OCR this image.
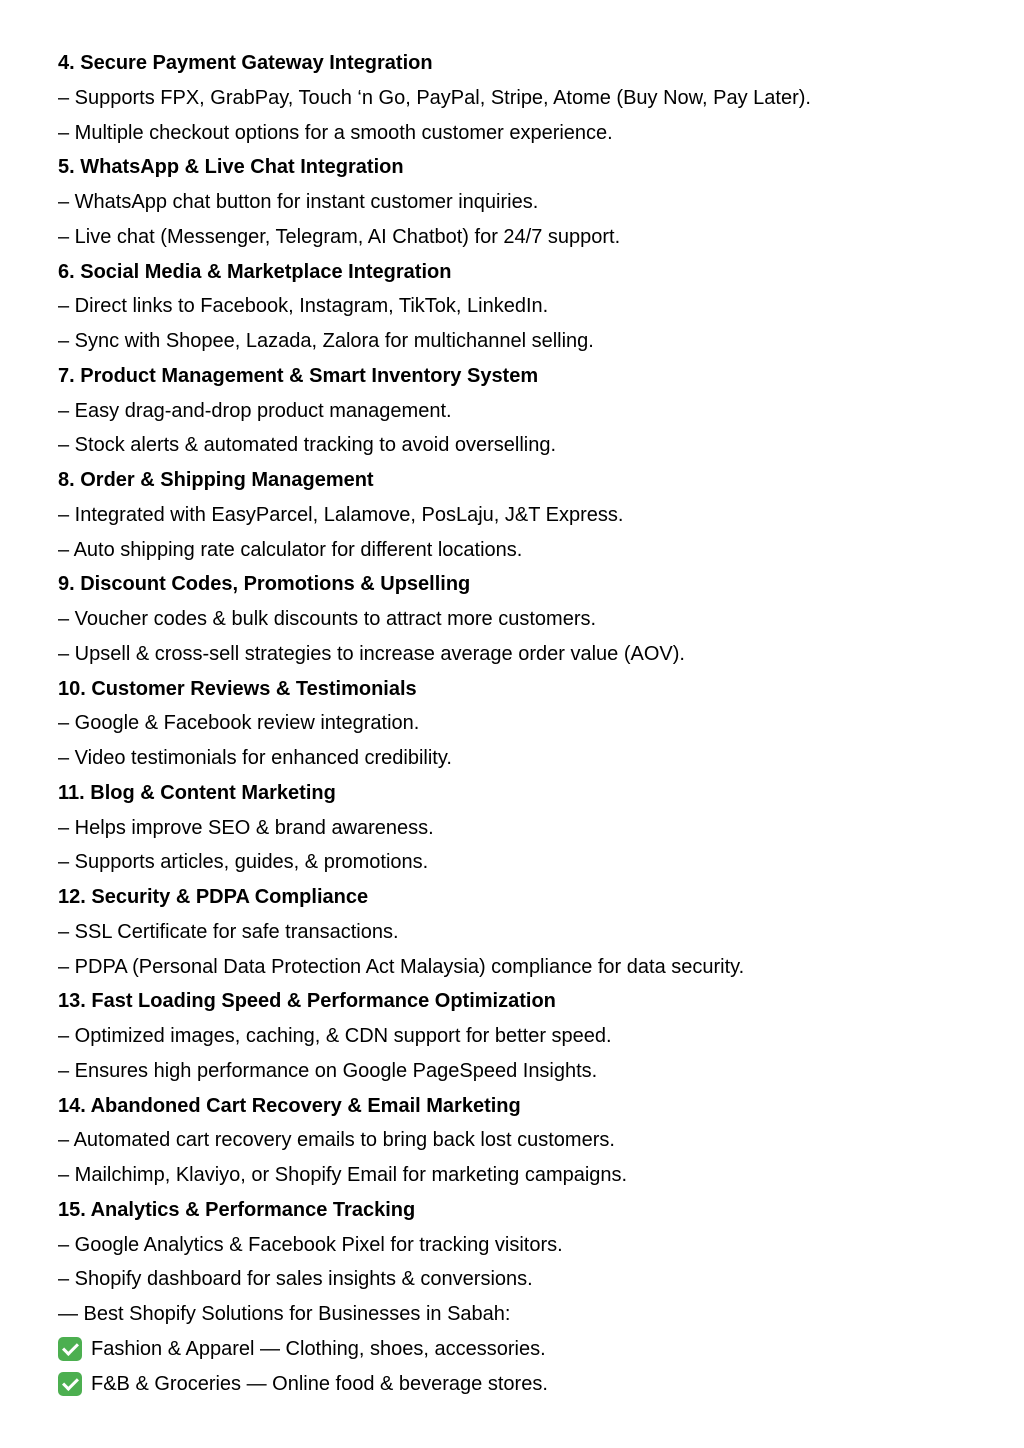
4. Secure Payment Gateway Integration
– Supports FPX, GrabPay, Touch ‘n Go, PayPal, Stripe, Atome (Buy Now, Pay Later).
– Multiple checkout options for a smooth customer experience.
5. WhatsApp & Live Chat Integration
– WhatsApp chat button for instant customer inquiries.
– Live chat (Messenger, Telegram, AI Chatbot) for 24/7 support.
6. Social Media & Marketplace Integration
– Direct links to Facebook, Instagram, TikTok, LinkedIn.
– Sync with Shopee, Lazada, Zalora for multichannel selling.
7. Product Management & Smart Inventory System
– Easy drag-and-drop product management.
– Stock alerts & automated tracking to avoid overselling.
8. Order & Shipping Management
– Integrated with EasyParcel, Lalamove, PosLaju, J&T Express.
– Auto shipping rate calculator for different locations.
9. Discount Codes, Promotions & Upselling
– Voucher codes & bulk discounts to attract more customers.
– Upsell & cross-sell strategies to increase average order value (AOV).
10. Customer Reviews & Testimonials
– Google & Facebook review integration.
– Video testimonials for enhanced credibility.
11. Blog & Content Marketing
– Helps improve SEO & brand awareness.
– Supports articles, guides, & promotions.
12. Security & PDPA Compliance
– SSL Certificate for safe transactions.
– PDPA (Personal Data Protection Act Malaysia) compliance for data security.
13. Fast Loading Speed & Performance Optimization
– Optimized images, caching, & CDN support for better speed.
– Ensures high performance on Google PageSpeed Insights.
14. Abandoned Cart Recovery & Email Marketing
– Automated cart recovery emails to bring back lost customers.
– Mailchimp, Klaviyo, or Shopify Email for marketing campaigns.
15. Analytics & Performance Tracking
– Google Analytics & Facebook Pixel for tracking visitors.
– Shopify dashboard for sales insights & conversions.
— Best Shopify Solutions for Businesses in Sabah:
Fashion & Apparel — Clothing, shoes, accessories.
F&B & Groceries — Online food & beverage stores.
